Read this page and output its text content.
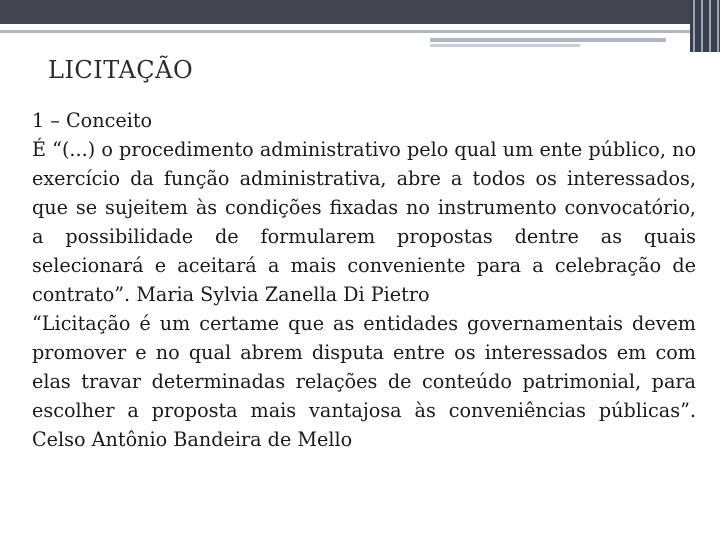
LICITAÇÃO

1 – Conceito

É “(...) o procedimento administrativo pelo qual um ente público, no exercício da função administrativa, abre a todos os interessados, que se sujeitem às condições fixadas no instrumento convocatório, a possibilidade de formularem propostas dentre as quais selecionará e aceitará a mais conveniente para a celebração de contrato”. Maria Sylvia Zanella Di Pietro

“Licitação é um certame que as entidades governamentais devem promover e no qual abrem disputa entre os interessados em com elas travar determinadas relações de conteúdo patrimonial, para escolher a proposta mais vantajosa às conveniências públicas”. Celso Antônio Bandeira de Mello
